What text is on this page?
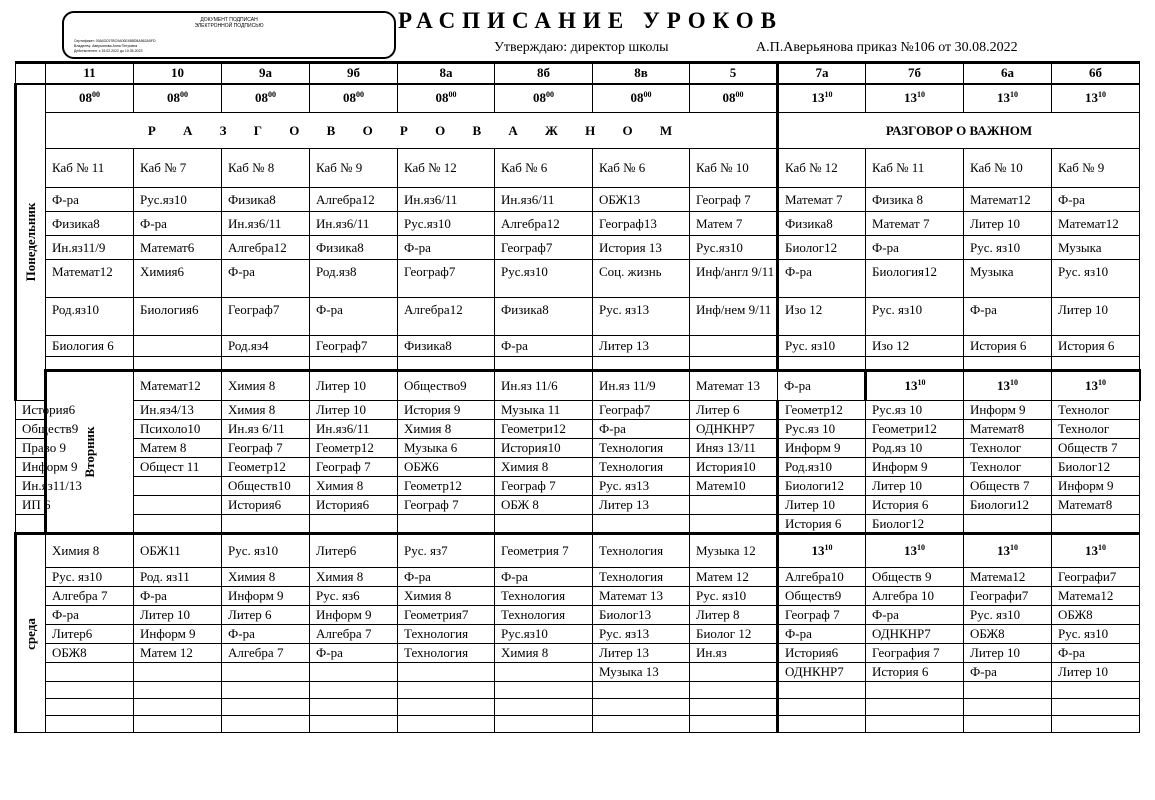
ДОКУМЕНТ ПОДПИСАН
ЭЛЕКТРОННОЙ ПОДПИСЬЮ
Сертификат: 00A03C97BC9A00E4B8D8A562A5FD
Владелец: Аверьянова Анна Петровна
Действителен: с 15.02.2022 до 10.05.2023
РАСПИСАНИЕ УРОКОВ
Утверждаю: директор школы	А.П.Аверьянова приказ №106 от 30.08.2022
	11	10	9а	9б	8а	8б	8в	5	7а	7б	6а	6б	

Понедельник	$08^{00}$	$08^{00}$	$08^{00}$	$08^{00}$	$08^{00}$	$08^{00}$	$08^{00}$	$08^{00}$	$13^{10}$	$13^{10}$	$13^{10}$	$13^{10}$
	Р А З Г О В О Р О В А Ж Н О М								РАЗГОВОР О ВАЖНОМ				
	Каб № 11	Каб № 7	Каб № 8	Каб № 9	Каб № 12	Каб № 6	Каб № 6	Каб № 10	Каб № 12	Каб № 11	Каб № 10	Каб № 9	
	Ф-ра	Рус.яз10	Физика8	Алгебра12	Ин.яз6/11	Ин.яз6/11	ОБЖ13	Географ 7	Математ 7	Физика 8	Математ12	Ф-ра	
	Физика8	Ф-ра	Ин.яз6/11	Ин.яз6/11	Рус.яз10	Алгебра12	Географ13	Матем 7	Физика8	Математ 7	Литер 10	Математ12	
	Ин.яз11/9	Математ6	Алгебра12	Физика8	Ф-ра	Географ7	История 13	Рус.яз10	Биолог12	Ф-ра	Рус. яз10	Музыка	
	Математ12	Химия6	Ф-ра	Род.яз8	Географ7	Рус.яз10	Соц. жизнь	Инф/англ 9/11	Ф-ра	Биология12	Музыка	Рус. яз10	
	Род.яз10	Биология6	Географ7	Ф-ра	Алгебра12	Физика8	Рус. яз13	Инф/нем 9/11	Изо 12	Рус. яз10	Ф-ра	Литер 10	
	Биология 6		Род.яз4	Географ7	Физика8	Ф-ра	Литер 13		Рус. яз10	Изо 12	История 6	История 6	

	Вторник	Математ12	Химия 8	Литер 10	Общество9	Ин.яз 11/6	Ин.яз 11/9	Математ 13	Ф-ра	$13^{10}$	$13^{10}$	$13^{10}$	
История6		Ин.яз4/13	Химия 8	Литер 10	История 9	Музыка 11	Географ7	Литер 6	Геометр12	Рус.яз 10	Информ 9	Технолог	
Обществ9		Психоло10	Ин.яз 6/11	Ин.яз6/11	Химия 8	Геометри12	Ф-ра	ОДНКНР7	Рус.яз 10	Геометри12	Математ8	Технолог	
Право 9		Матем 8	Географ 7	Геометр12	Музыка 6	История10	Технология	Иняз 13/11	Информ 9	Род.яз 10	Технолог	Обществ 7	
Информ 9		Общест 11	Геометр12	Географ 7	ОБЖ6	Химия 8	Технология	История10	Род.яз10	Информ 9	Технолог	Биолог12	
Ин.яз11/13			Обществ10	Химия 8	Геометр12	Географ 7	Рус. яз13	Матем10	Биологи12	Литер 10	Обществ 7	Информ 9	
ИП 6			История6	История6	Географ 7	ОБЖ 8	Литер 13		Литер 10	История 6	Биологи12	Математ8	
									История 6	Биолог12			

среда	Химия 8	ОБЖ11	Рус. яз10	Литер6	Рус. яз7	Геометрия 7	Технология	Музыка 12	$13^{10}$	$13^{10}$	$13^{10}$	$13^{10}$
	Рус. яз10	Род. яз11	Химия 8	Химия 8	Ф-ра	Ф-ра	Технология	Матем 12	Алгебра10	Обществ 9	Матема12	Географи7	
	Алгебра 7	Ф-ра	Информ 9	Рус. яз6	Химия 8	Технология	Математ 13	Рус. яз10	Обществ9	Алгебра 10	Географи7	Матема12	
	Ф-ра	Литер 10	Литер 6	Информ 9	Геометрия7	Технология	Биолог13	Литер 8	Географ 7	Ф-ра	Рус. яз10	ОБЖ8	
	Литер6	Информ 9	Ф-ра	Алгебра 7	Технология	Рус.яз10	Рус. яз13	Биолог 12	Ф-ра	ОДНКНР7	ОБЖ8	Рус. яз10	
	ОБЖ8	Матем 12	Алгебра 7	Ф-ра	Технология	Химия 8	Литер 13	Ин.яз	История6	География 7	Литер 10	Ф-ра	
							Музыка 13		ОДНКНР7	История 6	Ф-ра	Литер 10	
